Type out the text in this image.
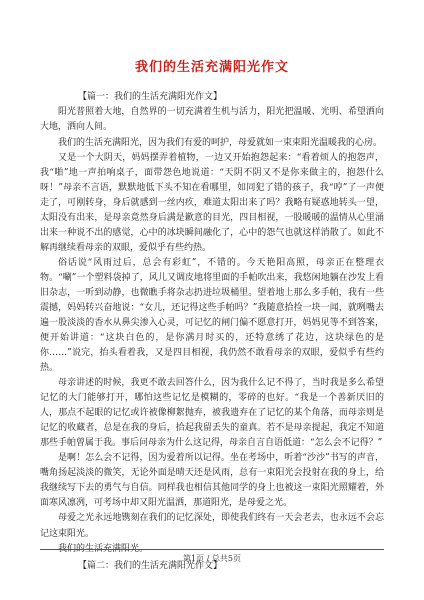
我们的生活充满阳光作文
【篇一：我们的生活充满阳光作文】

阳光普照着大地，自然界的一切充满着生机与活力，阳光把温暖、光明、希望洒向大地，洒向人间。

我们的生活充满阳光，因为我们有爱的呵护，母爱就如一束束阳光温暖我的心房。

又是一个大阴天，妈妈摆弄着植物，一边又开始抱怨起来：“看着烦人的抱怨声，我“啪”地一声拍响桌子，面带怨色地说道：“天阴不阴又不是你来做主的，抱怨什么呀！”母亲不言语，默默地低下头不知在看哪里，如同犯了错的孩子，我“哼”了一声便走了，可刚转身，身后就感到一丝内疚，难道太阳出来了吗？我略有疑惑地转头一望，太阳没有出来，是母亲竟然身后满是歉意的目光，四目相视，一股暖暖的温情从心里涌出来一种说不出的感觉，心中的冰块瞬间融化了，心中的怨气也就这样消散了。如此不解再继续看母亲的双眼，爱似乎有些约热。

俗话说“风雨过后，总会有彩虹”，不错的。今天艳阳高照，母亲正在整理衣物。“唰”一个塑料袋掉了，风儿又调皮地将里面的手帕吹出来，我悠闲地躺在沙发上看旧杂志，一听到动静，也微瞧手将杂志扔进垃圾桶里。望着地上那么多手帕，我有一些震撼，妈妈转兴奋地说：“女儿，还记得这些手帕吗？”我随意拾捡一块一闻，就咧嘴去遍一股淡淡的香水从鼻尖渗入心灵，可记忆的闸门偏不愿意打开，妈妈见等不到答案，便开始讲道：“这块白色的，是你满月时买的，还特意绣了花边，这块绿色的是你……”说完，抬头看着我，又是四目相视，我仍然不敢看母亲的双眼，爱似乎有些约热。

母亲讲述的时候，我更不敢去回答什么，因为我什么记不得了，当时我是多么希望记忆的大门能够打开，哪怕这些记忆是模糊的，零碎的也好。“我是一个善新厌旧的人，那点不起眼的记忆或许被像柳絮抛弃，被我遗弃在了记忆的某个角落，而母亲则是记忆的收藏者，总是在我的身后，拾起我留丢失的童真。若不是母亲提起，我定不知道那些手帕曾属于我。事后问母亲为什么这记得，母亲自言自语低道：“怎么会不记得？”

是啊！怎么会不记得，因为爱着所以记得。坐在考场中，听着“沙沙”书写的声音，嘴角扬起淡淡的微笑，无论外面是晴天还是风雨，总有一束阳光会投射在我的身上，给我继续写下去的勇气与自信。同样我也相信其他同学的身上也被这一束阳光照耀着，外面寒风凛冽，可考场中却又阳光温洒，那道阳光，是母爱之光。

母爱之光永远地镌刻在我们的记忆深处，即使我们终有一天会老去，也永远不会忘记这束阳光。

我们的生活充满阳光。

【篇二：我们的生活充满阳光作文】
第1页 / 总共5页
